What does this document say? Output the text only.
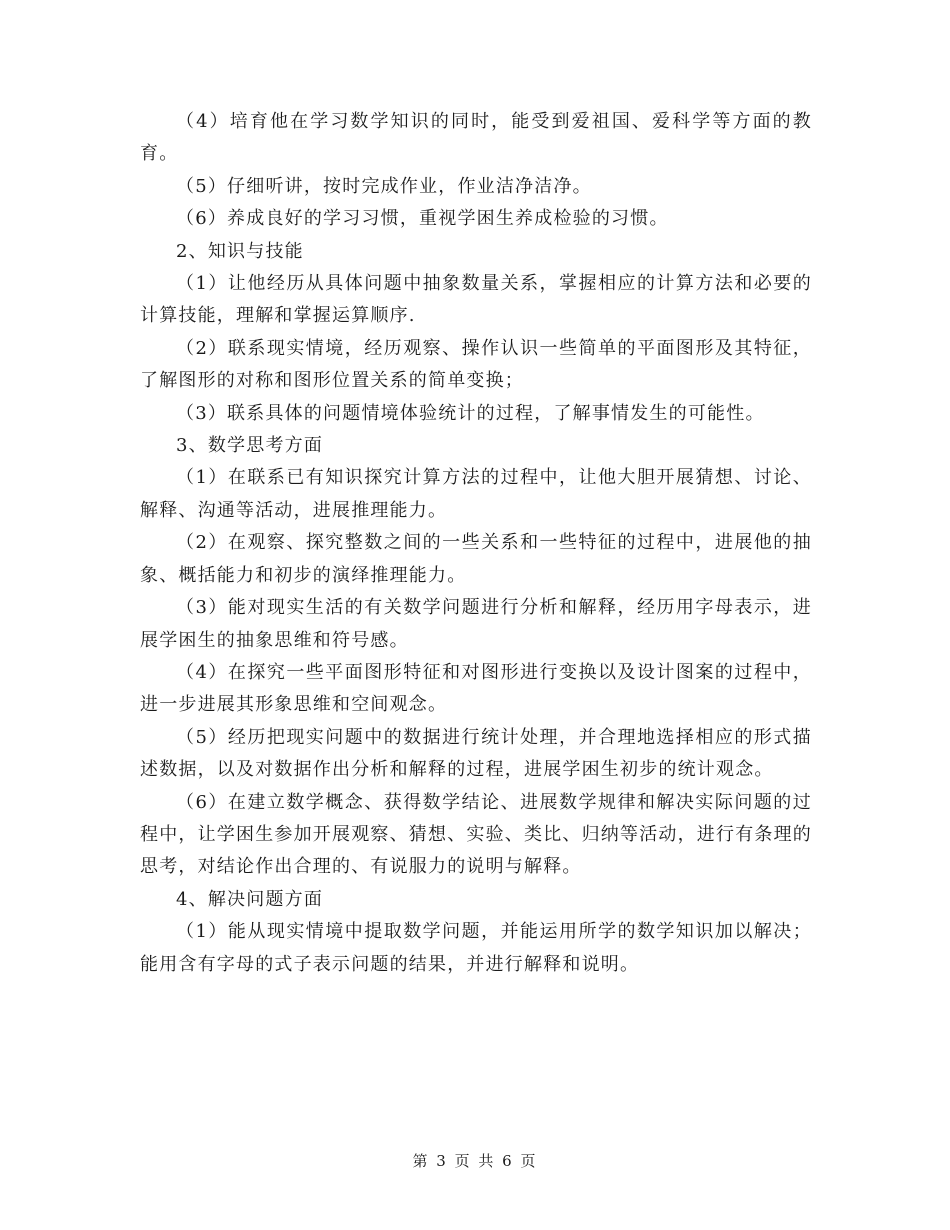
（4）培育他在学习数学知识的同时，能受到爱祖国、爱科学等方面的教育。

（5）仔细听讲，按时完成作业，作业洁净洁净。

（6）养成良好的学习习惯，重视学困生养成检验的习惯。

2、知识与技能

（1）让他经历从具体问题中抽象数量关系，掌握相应的计算方法和必要的计算技能，理解和掌握运算顺序.

（2）联系现实情境，经历观察、操作认识一些简单的平面图形及其特征，了解图形的对称和图形位置关系的简单变换；

（3）联系具体的问题情境体验统计的过程，了解事情发生的可能性。

3、数学思考方面

（1）在联系已有知识探究计算方法的过程中，让他大胆开展猜想、讨论、解释、沟通等活动，进展推理能力。

（2）在观察、探究整数之间的一些关系和一些特征的过程中，进展他的抽象、概括能力和初步的演绎推理能力。

（3）能对现实生活的有关数学问题进行分析和解释，经历用字母表示，进展学困生的抽象思维和符号感。

（4）在探究一些平面图形特征和对图形进行变换以及设计图案的过程中，进一步进展其形象思维和空间观念。

（5）经历把现实问题中的数据进行统计处理，并合理地选择相应的形式描述数据，以及对数据作出分析和解释的过程，进展学困生初步的统计观念。

（6）在建立数学概念、获得数学结论、进展数学规律和解决实际问题的过程中，让学困生参加开展观察、猜想、实验、类比、归纳等活动，进行有条理的思考，对结论作出合理的、有说服力的说明与解释。

4、解决问题方面

（1）能从现实情境中提取数学问题，并能运用所学的数学知识加以解决；能用含有字母的式子表示问题的结果，并进行解释和说明。

第 3 页 共 6 页
